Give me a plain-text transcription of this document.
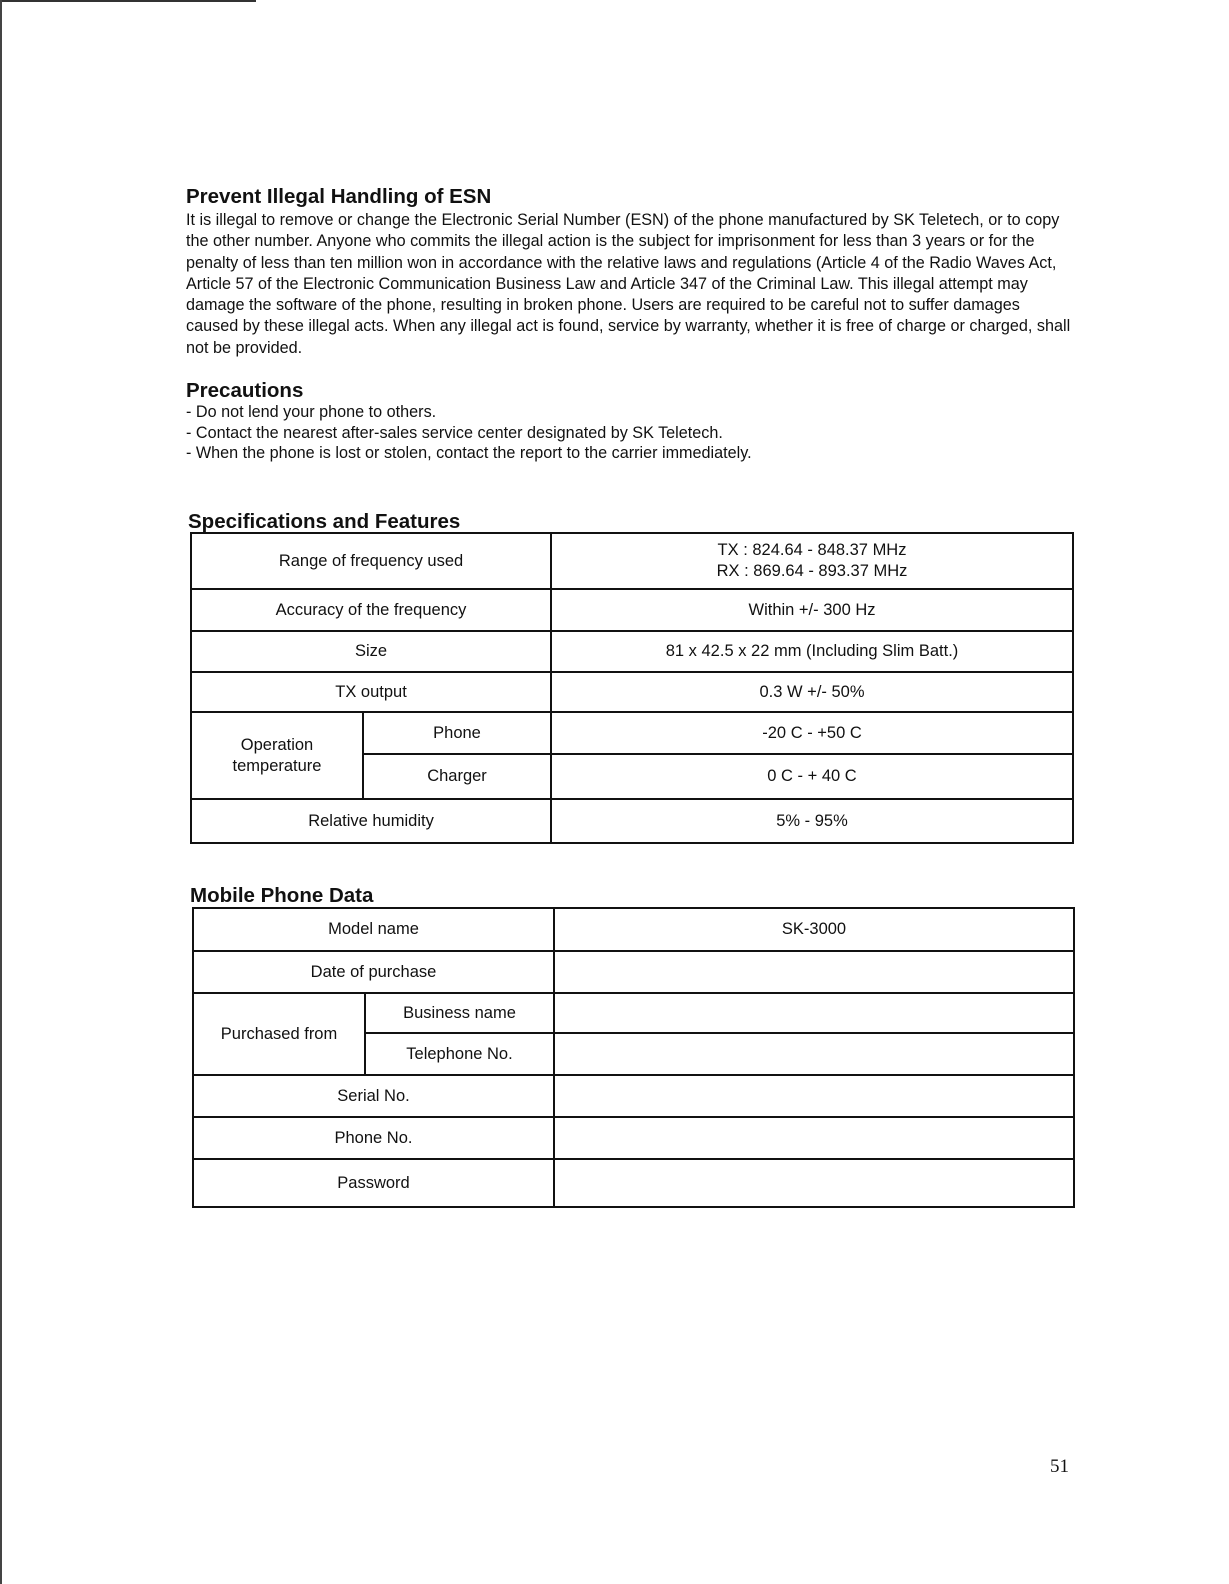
Prevent Illegal Handling of ESN
It is illegal to remove or change the Electronic Serial Number (ESN) of the phone manufactured by SK Teletech, or to copy the other number. Anyone who commits the illegal action is the subject for imprisonment for less than 3 years or for the penalty of less than ten million won in accordance with the relative laws and regulations (Article 4 of the Radio Waves Act, Article 57 of the Electronic Communication Business Law and Article 347 of the Criminal Law. This illegal attempt may damage the software of the phone, resulting in broken phone. Users are required to be careful not to suffer damages caused by these illegal acts. When any illegal act is found, service by warranty, whether it is free of charge or charged, shall not be provided.
Precautions
- Do not lend your phone to others.
- Contact the nearest after-sales service center designated by SK Teletech.
- When the phone is lost or stolen, contact the report to the carrier immediately.
Specifications and Features
Range of frequency used		TX : 824.64 - 848.37 MHz
RX : 869.64 - 893.37 MHz

Accuracy of the frequency		Within +/- 300 Hz
Size		81 x 42.5 x 22 mm (Including Slim Batt.)
TX output		0.3 W +/- 50%

Operation
temperature	Phone	-20 C - +50 C
	Charger	0 C - + 40 C
Relative humidity		5% - 95%
Mobile Phone Data
Model name		SK-3000
Date of purchase		
Purchased from	Business name	
	Telephone No.	
Serial No.		
Phone No.		
Password		
51
